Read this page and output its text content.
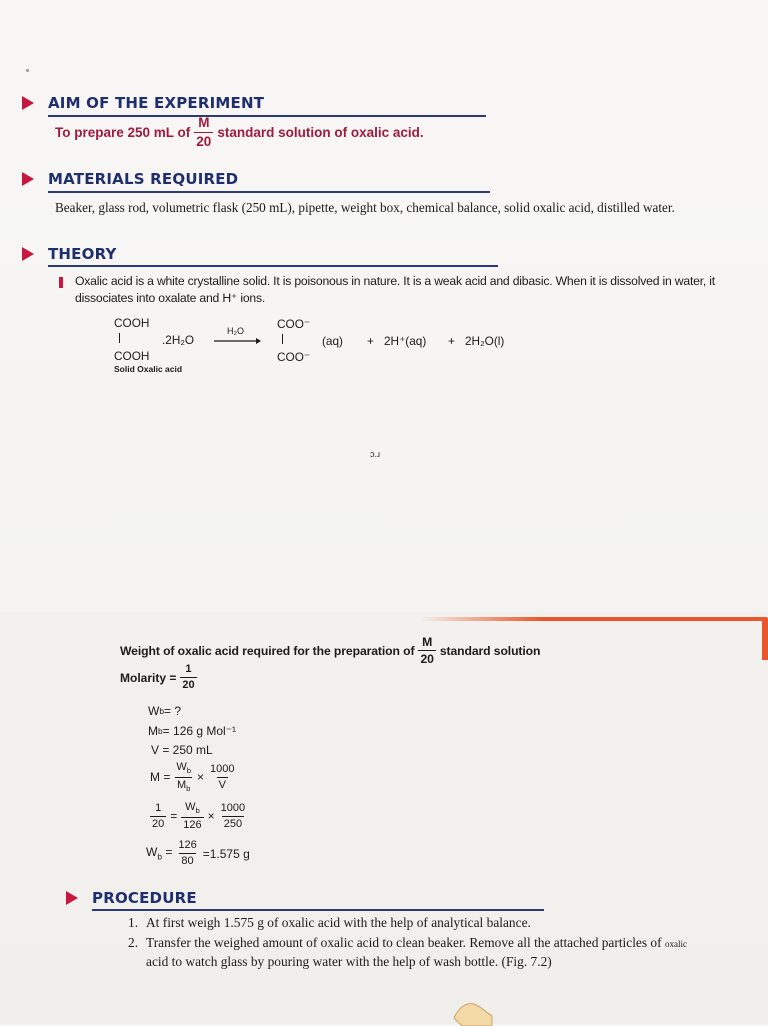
AIM OF THE EXPERIMENT
To prepare 250 mL of $\frac{M}{20}$ standard solution of oxalic acid.
MATERIALS REQUIRED
Beaker, glass rod, volumetric flask (250 mL), pipette, weight box, chemical balance, solid oxalic acid, distilled water.
THEORY
Oxalic acid is a white crystalline solid. It is poisonous in nature. It is a weak acid and dibasic. When it is dissolved in water, it dissociates into oxalate and H⁺ ions.
COOH
COOH
Solid Oxalic acid
.2H₂O
H₂O	COO⁻
COO⁻
(aq) + 2H⁺(aq) + 2H₂O(l)
ɔ.ɹ
Weight of oxalic acid required for the preparation of $\frac{M}{20}$ standard solution
Molarity = $\frac{1}{20}$
W b = ?
M b = 126 g Mol⁻¹
V = 250 mL
$M = \frac{W_b}{M_b} \times \frac{1000}{V}$
$\frac{1}{20} = \frac{W_b}{126} \times \frac{1000}{250}$
$W_b = \frac{126}{80} =1.575$ g
PROCEDURE
1. At first weigh 1.575 g of oxalic acid with the help of analytical balance.
2. Transfer the weighed amount of oxalic acid to clean beaker. Remove all the attached particles of oxalic
acid to watch glass by pouring water with the help of wash bottle. (Fig. 7.2)
